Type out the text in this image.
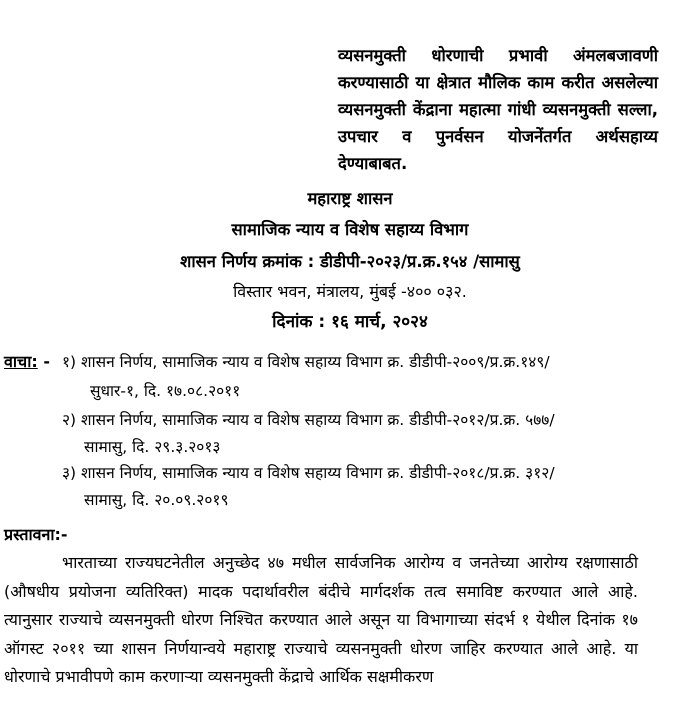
व्यसनमुक्ती धोरणाची प्रभावी अंमलबजावणी करण्यासाठी या क्षेत्रात मौलिक काम करीत असलेल्या व्यसनमुक्ती केंद्राना महात्मा गांधी व्यसनमुक्ती सल्ला, उपचार व पुनर्वसन योजनेंतर्गत अर्थसहाय्य देण्याबाबत.
महाराष्ट्र शासन
सामाजिक न्याय व विशेष सहाय्य विभाग
शासन निर्णय क्रमांक : डीडीपी-२०२३/प्र.क्र.१५४ /सामासु
विस्तार भवन, मंत्रालय, मुंबई -४०० ०३२.
दिनांक : १६ मार्च, २०२४
वाचा: - १) शासन निर्णय, सामाजिक न्याय व विशेष सहाय्य विभाग क्र. डीडीपी-२००९/प्र.क्र.१४९/
सुधार-१, दि. १७.०८.२०११
२) शासन निर्णय, सामाजिक न्याय व विशेष सहाय्य विभाग क्र. डीडीपी-२०१२/प्र.क्र. ५७७/
सामासु, दि. २९.३.२०१३
३) शासन निर्णय, सामाजिक न्याय व विशेष सहाय्य विभाग क्र. डीडीपी-२०१८/प्र.क्र. ३१२/
सामासु, दि. २०.०९.२०१९
प्रस्तावना:-
भारताच्या राज्यघटनेतील अनुच्छेद ४७ मधील सार्वजनिक आरोग्य व जनतेच्या आरोग्य रक्षणासाठी (औषधीय प्रयोजना व्यतिरिक्त) मादक पदार्थावरील बंदीचे मार्गदर्शक तत्व समाविष्ट करण्यात आले आहे. त्यानुसार राज्याचे व्यसनमुक्ती धोरण निश्चित करण्यात आले असून या विभागाच्या संदर्भ १ येथील दिनांक १७ ऑगस्ट २०११ च्या शासन निर्णयान्वये महाराष्ट्र राज्याचे व्यसनमुक्ती धोरण जाहिर करण्यात आले आहे. या धोरणाचे प्रभावीपणे काम करणाऱ्या व्यसनमुक्ती केंद्राचे आर्थिक सक्षमीकरण
